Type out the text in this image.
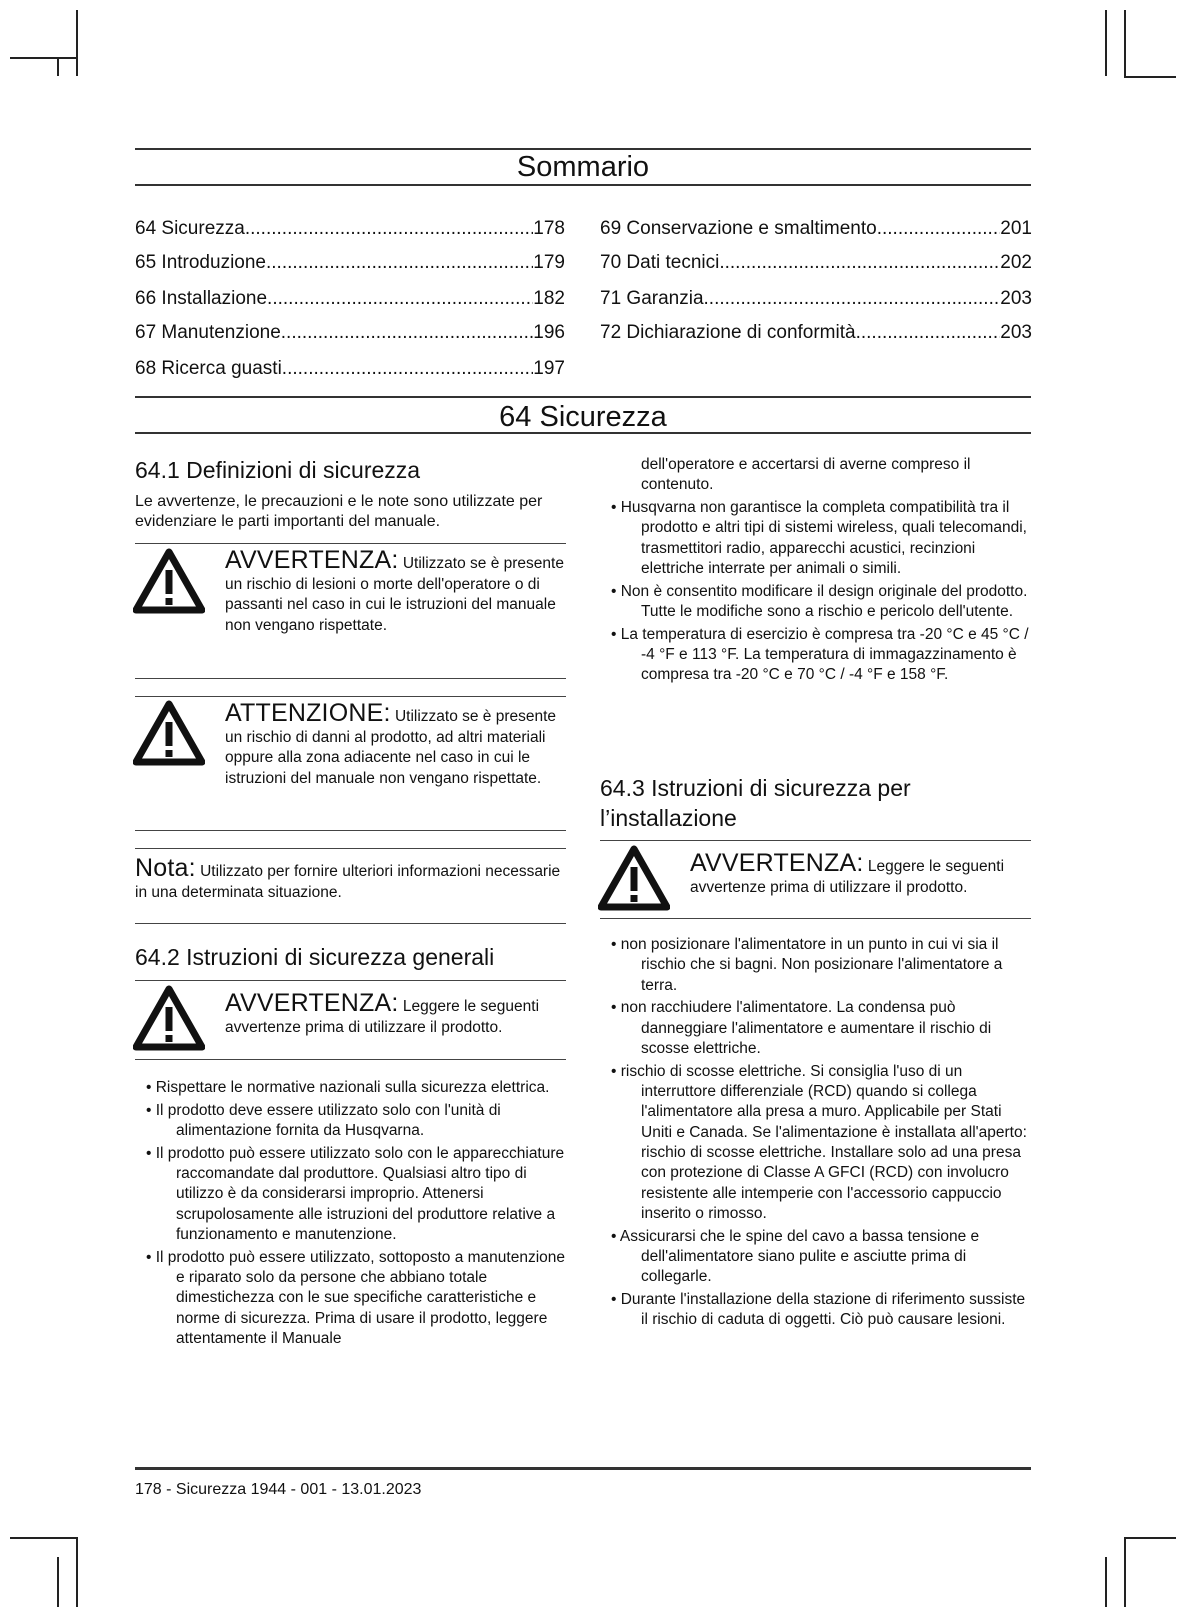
Sommario
64 Sicurezza .....	178
65 Introduzione .....	179
66 Installazione .....	182
67 Manutenzione .....	196
68 Ricerca guasti .....	197
69 Conservazione e smaltimento .....	201
70 Dati tecnici .....	202
71 Garanzia .....	203
72 Dichiarazione di conformità .....	203
64 Sicurezza
64.1 Definizioni di sicurezza

Le avvertenze, le precauzioni e le note sono utilizzate per evidenziare le parti importanti del manuale.

AVVERTENZA: Utilizzato se è presente un rischio di lesioni o morte dell'operatore o di passanti nel caso in cui le istruzioni del manuale non vengano rispettate.
ATTENZIONE: Utilizzato se è presente un rischio di danni al prodotto, ad altri materiali oppure alla zona adiacente nel caso in cui le istruzioni del manuale non vengano rispettate.
Nota: Utilizzato per fornire ulteriori informazioni necessarie in una determinata situazione.
64.2 Istruzioni di sicurezza generali
AVVERTENZA: Leggere le seguenti avvertenze prima di utilizzare il prodotto.
• Rispettare le normative nazionali sulla sicurezza elettrica.
• Il prodotto deve essere utilizzato solo con l'unità di alimentazione fornita da Husqvarna.
• Il prodotto può essere utilizzato solo con le apparecchiature raccomandate dal produttore. Qualsiasi altro tipo di utilizzo è da considerarsi improprio. Attenersi scrupolosamente alle istruzioni del produttore relative a funzionamento e manutenzione.
• Il prodotto può essere utilizzato, sottoposto a manutenzione e riparato solo da persone che abbiano totale dimestichezza con le sue specifiche caratteristiche e norme di sicurezza. Prima di usare il prodotto, leggere attentamente il Manuale

dell'operatore e accertarsi di averne compreso il contenuto.

• Husqvarna non garantisce la completa compatibilità tra il prodotto e altri tipi di sistemi wireless, quali telecomandi, trasmettitori radio, apparecchi acustici, recinzioni elettriche interrate per animali o simili.
• Non è consentito modificare il design originale del prodotto. Tutte le modifiche sono a rischio e pericolo dell'utente.
• La temperatura di esercizio è compresa tra -20 °C e 45 °C / -4 °F e 113 °F. La temperatura di immagazzinamento è compresa tra -20 °C e 70 °C / -4 °F e 158 °F.
64.3 Istruzioni di sicurezza per
l’installazione
AVVERTENZA: Leggere le seguenti avvertenze prima di utilizzare il prodotto.
• non posizionare l'alimentatore in un punto in cui vi sia il rischio che si bagni. Non posizionare l'alimentatore a terra.
• non racchiudere l'alimentatore. La condensa può danneggiare l'alimentatore e aumentare il rischio di scosse elettriche.
• rischio di scosse elettriche. Si consiglia l'uso di un interruttore differenziale (RCD) quando si collega l'alimentatore alla presa a muro. Applicabile per Stati Uniti e Canada. Se l'alimentazione è installata all'aperto: rischio di scosse elettriche. Installare solo ad una presa con protezione di Classe A GFCI (RCD) con involucro resistente alle intemperie con l'accessorio cappuccio inserito o rimosso.
• Assicurarsi che le spine del cavo a bassa tensione e dell'alimentatore siano pulite e asciutte prima di collegarle.
• Durante l'installazione della stazione di riferimento sussiste il rischio di caduta di oggetti. Ciò può causare lesioni.
178 - Sicurezza 1944 - 001 - 13.01.2023
